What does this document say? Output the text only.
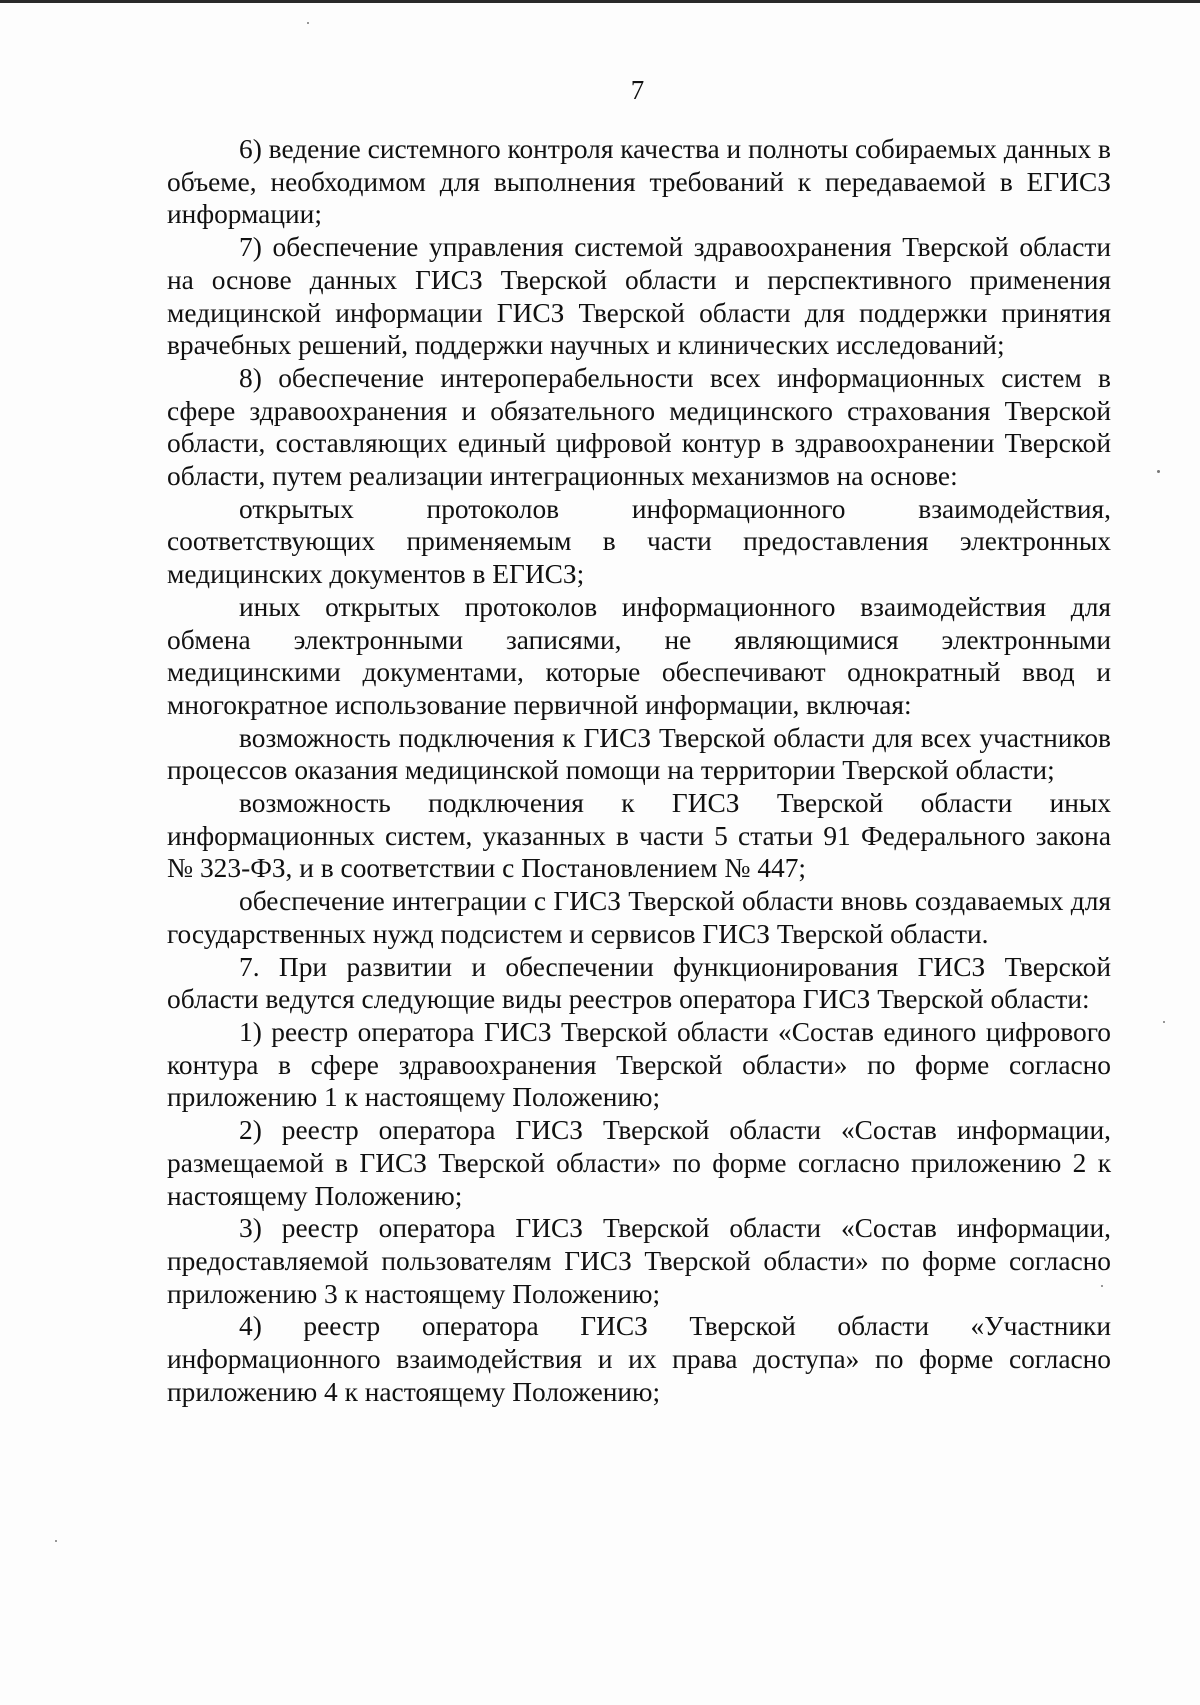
7

6) ведение системного контроля качества и полноты собираемых данных в объеме, необходимом для выполнения требований к передаваемой в ЕГИСЗ информации;

7) обеспечение управления системой здравоохранения Тверской области на основе данных ГИСЗ Тверской области и перспективного применения медицинской информации ГИСЗ Тверской области для поддержки принятия врачебных решений, поддержки научных и клинических исследований;

8) обеспечение интероперабельности всех информационных систем в сфере здравоохранения и обязательного медицинского страхования Тверской области, составляющих единый цифровой контур в здравоохранении Тверской области, путем реализации интеграционных механизмов на основе:

открытых протоколов информационного взаимодействия, соответствующих применяемым в части предоставления электронных медицинских документов в ЕГИСЗ;

иных открытых протоколов информационного взаимодействия для обмена электронными записями, не являющимися электронными медицинскими документами, которые обеспечивают однократный ввод и многократное использование первичной информации, включая:

возможность подключения к ГИСЗ Тверской области для всех участников процессов оказания медицинской помощи на территории Тверской области;

возможность подключения к ГИСЗ Тверской области иных информационных систем, указанных в части 5 статьи 91 Федерального закона № 323-ФЗ, и в соответствии с Постановлением № 447;

обеспечение интеграции с ГИСЗ Тверской области вновь создаваемых для государственных нужд подсистем и сервисов ГИСЗ Тверской области.

7. При развитии и обеспечении функционирования ГИСЗ Тверской области ведутся следующие виды реестров оператора ГИСЗ Тверской области:

1) реестр оператора ГИСЗ Тверской области «Состав единого цифрового контура в сфере здравоохранения Тверской области» по форме согласно приложению 1 к настоящему Положению;

2) реестр оператора ГИСЗ Тверской области «Состав информации, размещаемой в ГИСЗ Тверской области» по форме согласно приложению 2 к настоящему Положению;

3) реестр оператора ГИСЗ Тверской области «Состав информации, предоставляемой пользователям ГИСЗ Тверской области» по форме согласно приложению 3 к настоящему Положению;

4) реестр оператора ГИСЗ Тверской области «Участники информационного взаимодействия и их права доступа» по форме согласно приложению 4 к настоящему Положению;
